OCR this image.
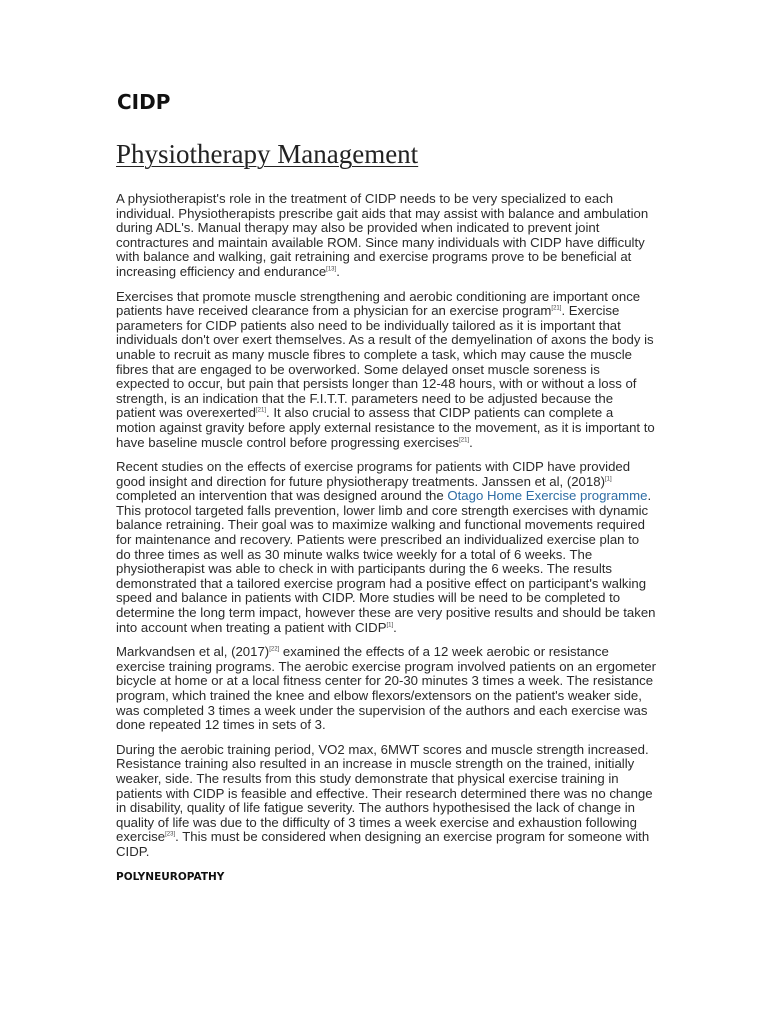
CIDP
Physiotherapy Management

A physiotherapist's role in the treatment of CIDP needs to be very specialized to each individual. Physiotherapists prescribe gait aids that may assist with balance and ambulation during ADL's. Manual therapy may also be provided when indicated to prevent joint contractures and maintain available ROM. Since many individuals with CIDP have difficulty with balance and walking, gait retraining and exercise programs prove to be beneficial at increasing efficiency and endurance[13].

Exercises that promote muscle strengthening and aerobic conditioning are important once patients have received clearance from a physician for an exercise program[21]. Exercise parameters for CIDP patients also need to be individually tailored as it is important that individuals don't over exert themselves. As a result of the demyelination of axons the body is unable to recruit as many muscle fibres to complete a task, which may cause the muscle fibres that are engaged to be overworked. Some delayed onset muscle soreness is expected to occur, but pain that persists longer than 12-48 hours, with or without a loss of strength, is an indication that the F.I.T.T. parameters need to be adjusted because the patient was overexerted[21]. It also crucial to assess that CIDP patients can complete a motion against gravity before apply external resistance to the movement, as it is important to have baseline muscle control before progressing exercises[21].

Recent studies on the effects of exercise programs for patients with CIDP have provided good insight and direction for future physiotherapy treatments. Janssen et al, (2018)[1] completed an intervention that was designed around the Otago Home Exercise programme. This protocol targeted falls prevention, lower limb and core strength exercises with dynamic balance retraining. Their goal was to maximize walking and functional movements required for maintenance and recovery. Patients were prescribed an individualized exercise plan to do three times as well as 30 minute walks twice weekly for a total of 6 weeks. The physiotherapist was able to check in with participants during the 6 weeks. The results demonstrated that a tailored exercise program had a positive effect on participant's walking speed and balance in patients with CIDP. More studies will be need to be completed to determine the long term impact, however these are very positive results and should be taken into account when treating a patient with CIDP[1].

Markvandsen et al, (2017)[22] examined the effects of a 12 week aerobic or resistance exercise training programs. The aerobic exercise program involved patients on an ergometer bicycle at home or at a local fitness center for 20-30 minutes 3 times a week. The resistance program, which trained the knee and elbow flexors/extensors on the patient's weaker side, was completed 3 times a week under the supervision of the authors and each exercise was done repeated 12 times in sets of 3.

During the aerobic training period, VO2 max, 6MWT scores and muscle strength increased. Resistance training also resulted in an increase in muscle strength on the trained, initially weaker, side. The results from this study demonstrate that physical exercise training in patients with CIDP is feasible and effective. Their research determined there was no change in disability, quality of life fatigue severity. The authors hypothesised the lack of change in quality of life was due to the difficulty of 3 times a week exercise and exhaustion following exercise[23]. This must be considered when designing an exercise program for someone with CIDP.

POLYNEUROPATHY
